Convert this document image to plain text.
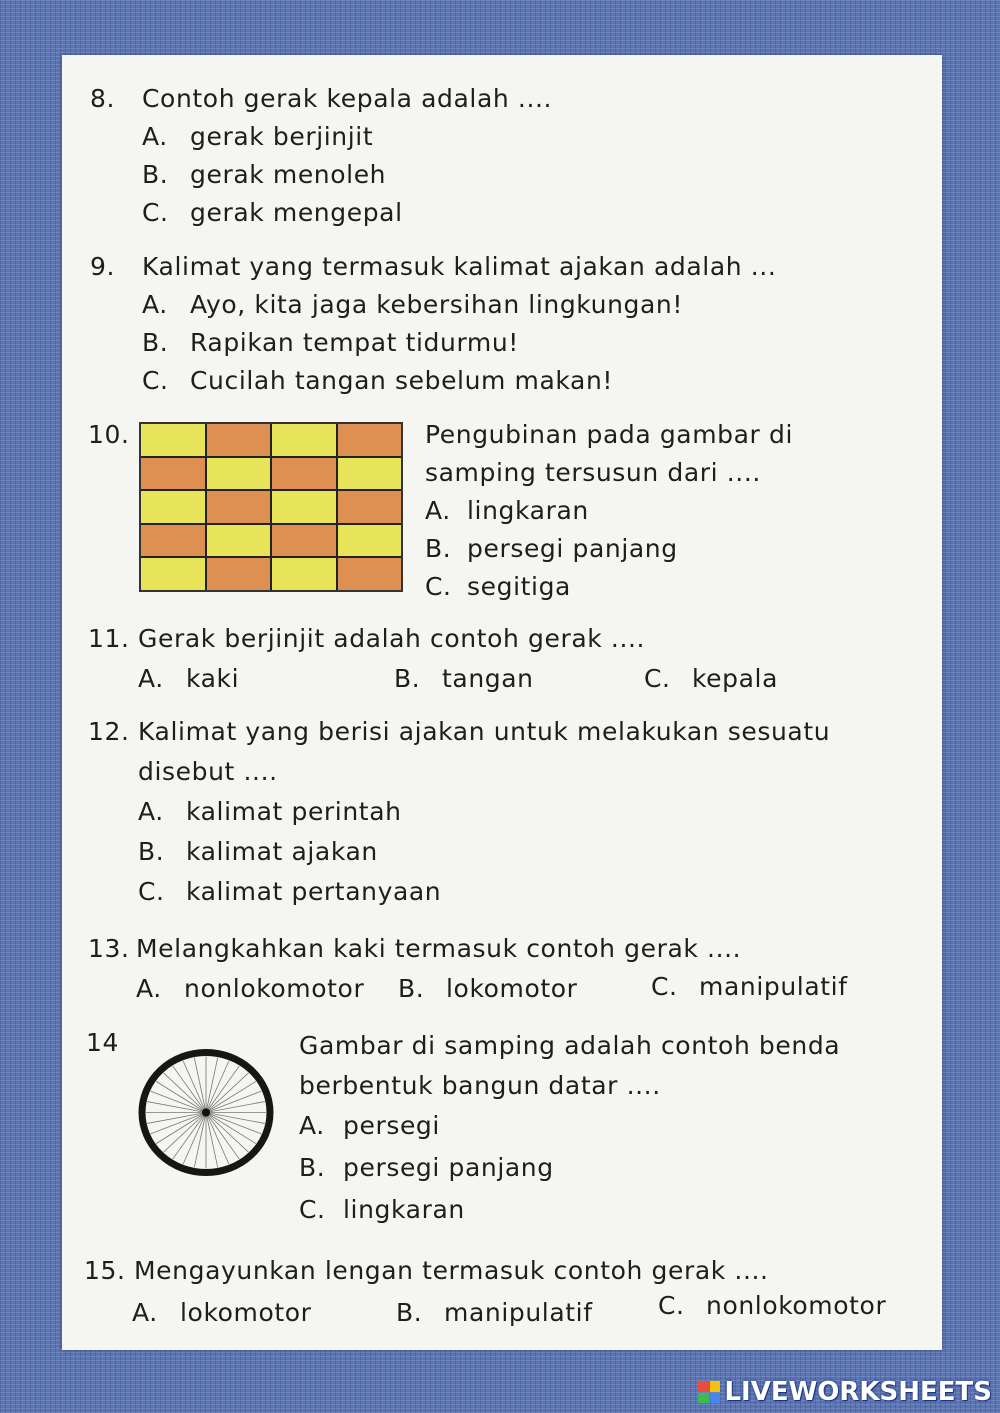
8. Contoh gerak kepala adalah ....
A. gerak berjinjit
B. gerak menoleh
C. gerak mengepal
9. Kalimat yang termasuk kalimat ajakan adalah ...
A. Ayo, kita jaga kebersihan lingkungan!
B. Rapikan tempat tidurmu!
C. Cucilah tangan sebelum makan!
10.	Pengubinan pada gambar di
samping tersusun dari ....
A. lingkaran
B. persegi panjang
C. segitiga
11. Gerak berjinjit adalah contoh gerak ....
A. kaki	B. tangan	C. kepala
12. Kalimat yang berisi ajakan untuk melakukan sesuatu
disebut ....
A. kalimat perintah
B. kalimat ajakan
C. kalimat pertanyaan
13. Melangkahkan kaki termasuk contoh gerak ....
A. nonlokomotor B. lokomotor	C. manipulatif
14	Gambar di samping adalah contoh benda
berbentuk bangun datar ....
A. persegi
B. persegi panjang
C. lingkaran
15. Mengayunkan lengan termasuk contoh gerak ....
A. lokomotor	B. manipulatif	C. nonlokomotor
LIVEWORKSHEETS
